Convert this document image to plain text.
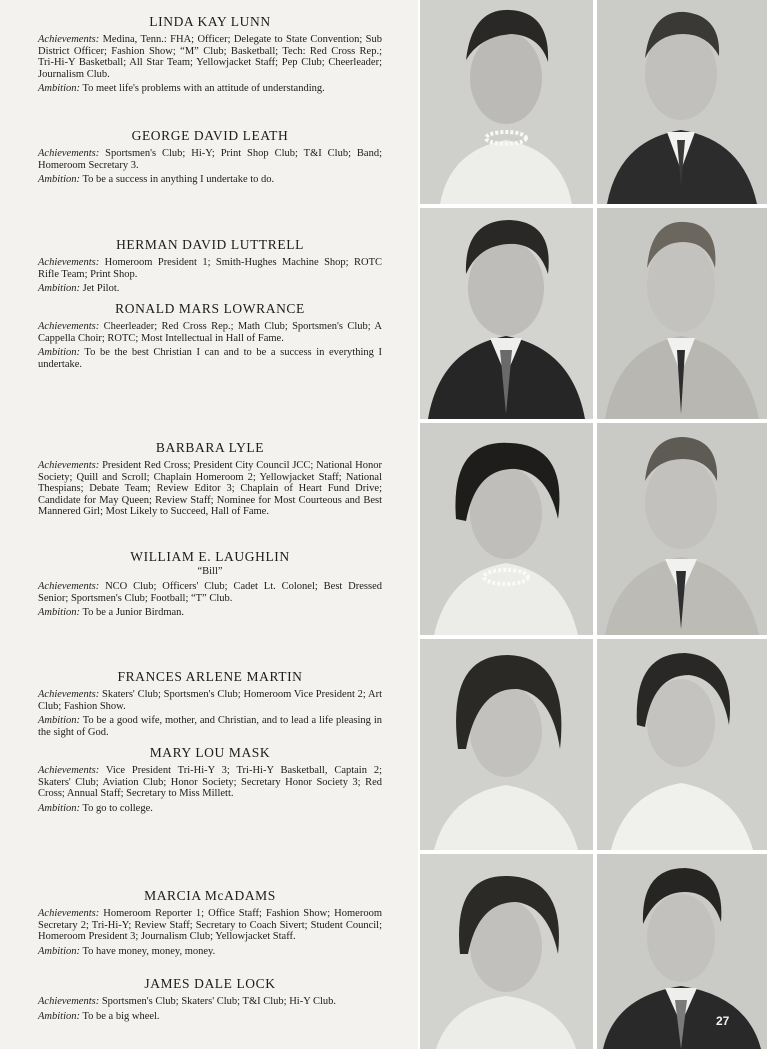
LINDA KAY LUNN

Achievements: Medina, Tenn.: FHA; Officer; Delegate to State Convention; Sub District Officer; Fashion Show; “M” Club; Basketball; Tech: Red Cross Rep.; Tri-Hi-Y Basketball; All Star Team; Yellowjacket Staff; Pep Club; Cheerleader; Journalism Club.

Ambition: To meet life's problems with an attitude of understanding.

GEORGE DAVID LEATH

Achievements: Sportsmen's Club; Hi-Y; Print Shop Club; T&I Club; Band; Homeroom Secretary 3.

Ambition: To be a success in anything I undertake to do.

HERMAN DAVID LUTTRELL

Achievements: Homeroom President 1; Smith-Hughes Machine Shop; ROTC Rifle Team; Print Shop.

Ambition: Jet Pilot.

RONALD MARS LOWRANCE

Achievements: Cheerleader; Red Cross Rep.; Math Club; Sportsmen's Club; A Cappella Choir; ROTC; Most Intellectual in Hall of Fame.

Ambition: To be the best Christian I can and to be a success in everything I undertake.

BARBARA LYLE

Achievements: President Red Cross; President City Council JCC; National Honor Society; Quill and Scroll; Chaplain Homeroom 2; Yellowjacket Staff; National Thespians; Debate Team; Review Editor 3; Chaplain of Heart Fund Drive; Candidate for May Queen; Review Staff; Nominee for Most Courteous and Best Mannered Girl; Most Likely to Succeed, Hall of Fame.

WILLIAM E. LAUGHLIN
“Bill”

Achievements: NCO Club; Officers' Club; Cadet Lt. Colonel; Best Dressed Senior; Sportsmen's Club; Football; “T” Club.

Ambition: To be a Junior Birdman.

FRANCES ARLENE MARTIN

Achievements: Skaters' Club; Sportsmen's Club; Homeroom Vice President 2; Art Club; Fashion Show.

Ambition: To be a good wife, mother, and Christian, and to lead a life pleasing in the sight of God.

MARY LOU MASK

Achievements: Vice President Tri-Hi-Y 3; Tri-Hi-Y Basketball, Captain 2; Skaters' Club; Aviation Club; Honor Society; Secretary Honor Society 3; Red Cross; Annual Staff; Secretary to Miss Millett.

Ambition: To go to college.

MARCIA McADAMS

Achievements: Homeroom Reporter 1; Office Staff; Fashion Show; Homeroom Secretary 2; Tri-Hi-Y; Review Staff; Secretary to Coach Sivert; Student Council; Homeroom President 3; Journalism Club; Yellowjacket Staff.

Ambition: To have money, money, money.

JAMES DALE LOCK

Achievements: Sportsmen's Club; Skaters' Club; T&I Club; Hi-Y Club.

Ambition: To be a big wheel.	27
